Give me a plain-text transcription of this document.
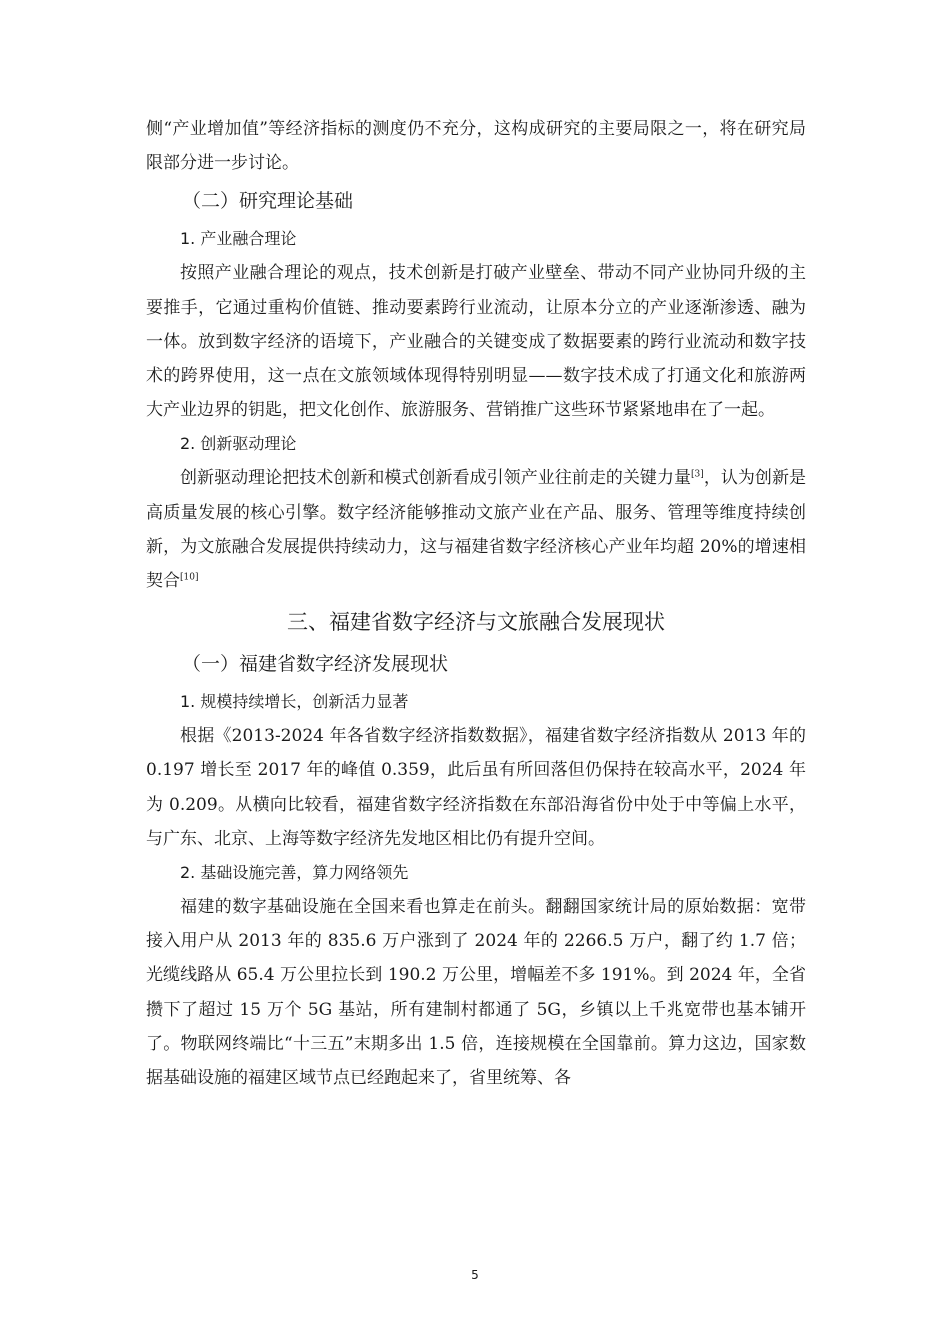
侧“产业增加值”等经济指标的测度仍不充分，这构成研究的主要局限之一，将在研究局限部分进一步讨论。

（二）研究理论基础
1. 产业融合理论

按照产业融合理论的观点，技术创新是打破产业壁垒、带动不同产业协同升级的主要推手，它通过重构价值链、推动要素跨行业流动，让原本分立的产业逐渐渗透、融为一体。放到数字经济的语境下，产业融合的关键变成了数据要素的跨行业流动和数字技术的跨界使用，这一点在文旅领域体现得特别明显——数字技术成了打通文化和旅游两大产业边界的钥匙，把文化创作、旅游服务、营销推广这些环节紧紧地串在了一起。

2. 创新驱动理论

创新驱动理论把技术创新和模式创新看成引领产业往前走的关键力量[3]，认为创新是高质量发展的核心引擎。数字经济能够推动文旅产业在产品、服务、管理等维度持续创新，为文旅融合发展提供持续动力，这与福建省数字经济核心产业年均超 20%的增速相契合[10]

三、福建省数字经济与文旅融合发展现状
（一）福建省数字经济发展现状
1. 规模持续增长，创新活力显著

根据《2013-2024 年各省数字经济指数数据》，福建省数字经济指数从 2013 年的 0.197 增长至 2017 年的峰值 0.359，此后虽有所回落但仍保持在较高水平，2024 年为 0.209。从横向比较看，福建省数字经济指数在东部沿海省份中处于中等偏上水平，与广东、北京、上海等数字经济先发地区相比仍有提升空间。

2. 基础设施完善，算力网络领先

福建的数字基础设施在全国来看也算走在前头。翻翻国家统计局的原始数据：宽带接入用户从 2013 年的 835.6 万户涨到了 2024 年的 2266.5 万户，翻了约 1.7 倍；光缆线路从 65.4 万公里拉长到 190.2 万公里，增幅差不多 191%。到 2024 年，全省攒下了超过 15 万个 5G 基站，所有建制村都通了 5G，乡镇以上千兆宽带也基本铺开了。物联网终端比“十三五”末期多出 1.5 倍，连接规模在全国靠前。算力这边，国家数据基础设施的福建区域节点已经跑起来了，省里统筹、各

5
